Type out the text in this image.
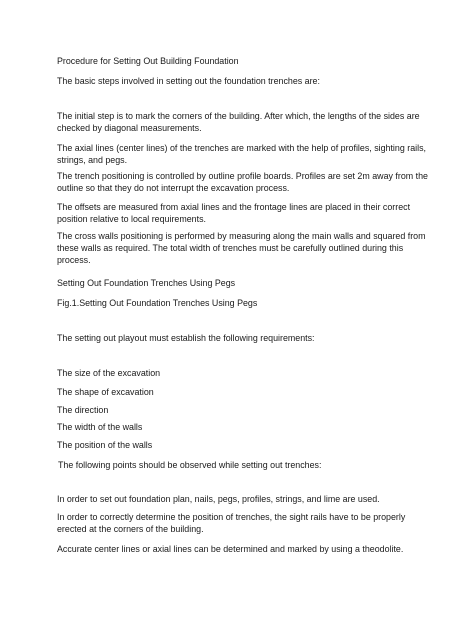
Procedure for Setting Out Building Foundation

The basic steps involved in setting out the foundation trenches are:

The initial step is to mark the corners of the building. After which, the lengths of the sides are checked by diagonal measurements.

The axial lines (center lines) of the trenches are marked with the help of profiles, sighting rails, strings, and pegs.

The trench positioning is controlled by outline profile boards. Profiles are set 2m away from the outline so that they do not interrupt the excavation process.

The offsets are measured from axial lines and the frontage lines are placed in their correct position relative to local requirements.

The cross walls positioning is performed by measuring along the main walls and squared from these walls as required. The total width of trenches must be carefully outlined during this process.

Setting Out Foundation Trenches Using Pegs

Fig.1.Setting Out Foundation Trenches Using Pegs

The setting out playout must establish the following requirements:

The size of the excavation

The shape of excavation

The direction

The width of the walls

The position of the walls

The following points should be observed while setting out trenches:

In order to set out foundation plan, nails, pegs, profiles, strings, and lime are used.

In order to correctly determine the position of trenches, the sight rails have to be properly erected at the corners of the building.

Accurate center lines or axial lines can be determined and marked by using a theodolite.
